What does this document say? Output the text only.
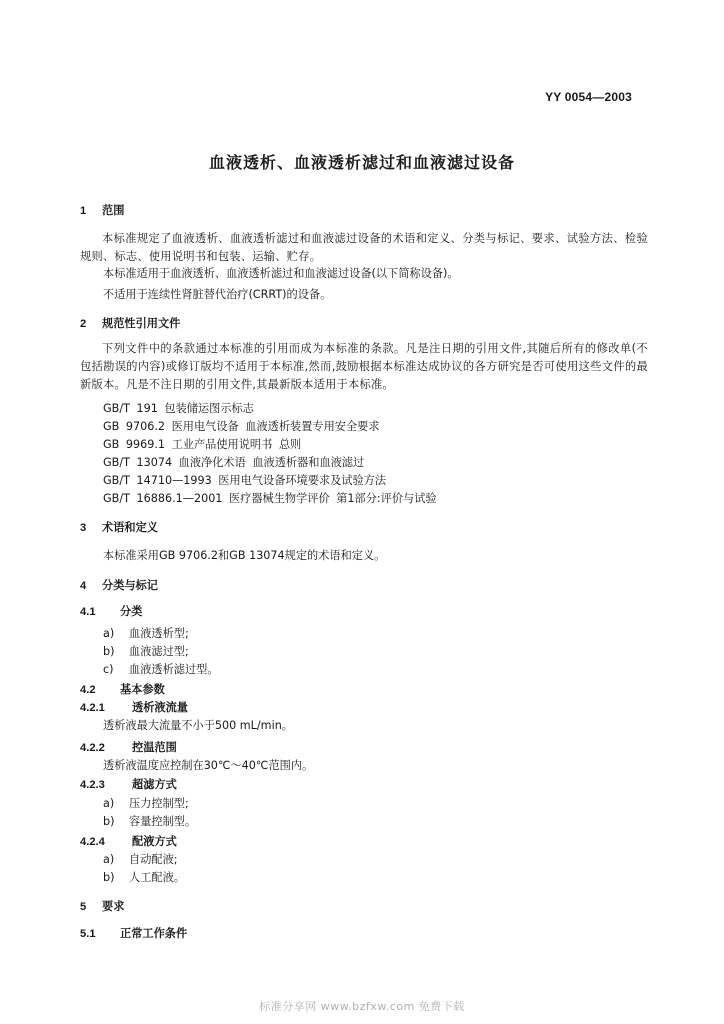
YY 0054—2003
血液透析、血液透析滤过和血液滤过设备
1 范围
本标准规定了血液透析、血液透析滤过和血液滤过设备的术语和定义、分类与标记、要求、试验方法、检验规则、标志、使用说明书和包装、运输、贮存。
本标准适用于血液透析、血液透析滤过和血液滤过设备(以下简称设备)。
不适用于连续性肾脏替代治疗(CRRT)的设备。
2 规范性引用文件
下列文件中的条款通过本标准的引用而成为本标准的条款。凡是注日期的引用文件,其随后所有的修改单(不包括勘误的内容)或修订版均不适用于本标准,然而,鼓励根据本标准达成协议的各方研究是否可使用这些文件的最新版本。凡是不注日期的引用文件,其最新版本适用于本标准。
GB/T 191 包装储运图示标志
GB 9706.2 医用电气设备 血液透析装置专用安全要求
GB 9969.1 工业产品使用说明书 总则
GB/T 13074 血液净化术语 血液透析器和血液滤过
GB/T 14710—1993 医用电气设备环境要求及试验方法
GB/T 16886.1—2001 医疗器械生物学评价 第1部分:评价与试验
3 术语和定义
本标准采用GB 9706.2和GB 13074规定的术语和定义。
4 分类与标记
4.1 分类
a) 血液透析型;
b) 血液滤过型;
c) 血液透析滤过型。
4.2 基本参数
4.2.1 透析液流量
透析液最大流量不小于500 mL/min。
4.2.2 控温范围
透析液温度应控制在30℃～40℃范围内。
4.2.3 超滤方式
a) 压力控制型;
b) 容量控制型。
4.2.4 配液方式
a) 自动配液;
b) 人工配液。
5 要求
5.1 正常工作条件
标准分享网 www.bzfxw.com 免费下载
